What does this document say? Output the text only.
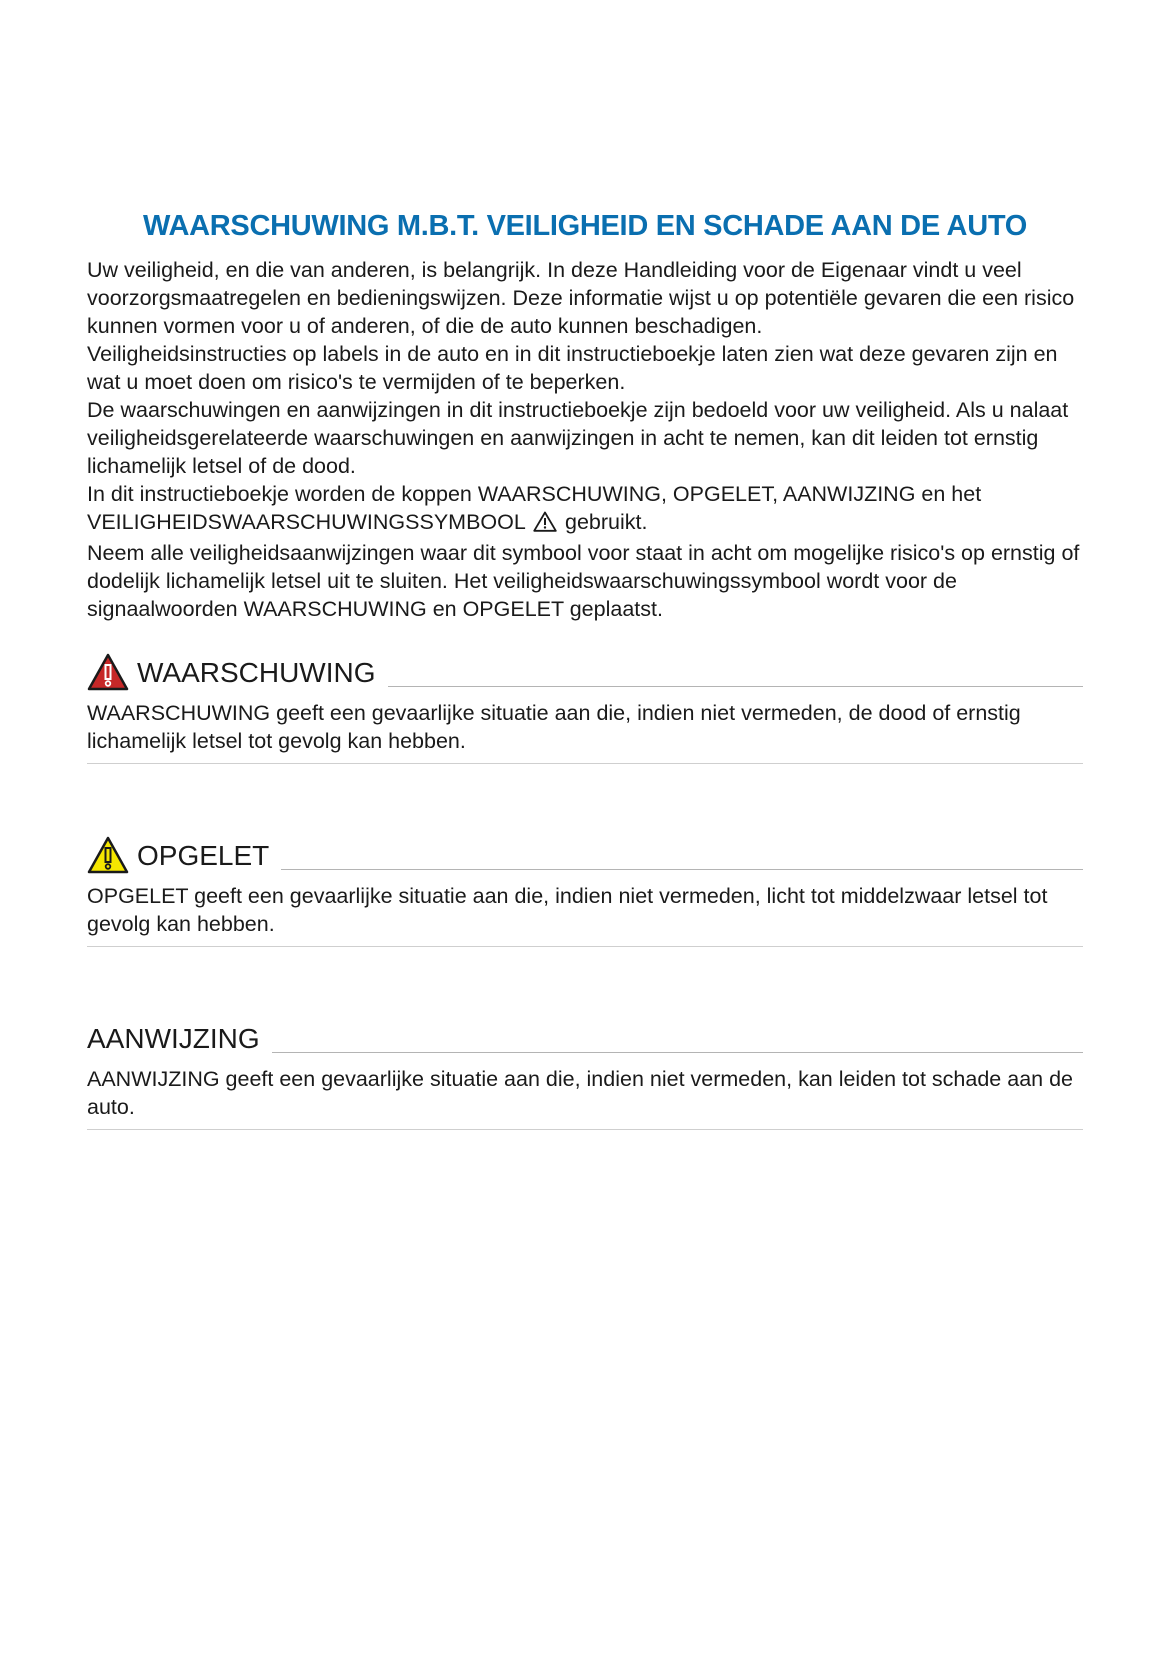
WAARSCHUWING M.B.T. VEILIGHEID EN SCHADE AAN DE AUTO

Uw veiligheid, en die van anderen, is belangrijk. In deze Handleiding voor de Eigenaar vindt u veel voorzorgsmaatregelen en bedieningswijzen. Deze informatie wijst u op potentiële gevaren die een risico kunnen vormen voor u of anderen, of die de auto kunnen beschadigen.

Veiligheidsinstructies op labels in de auto en in dit instructieboekje laten zien wat deze gevaren zijn en wat u moet doen om risico's te vermijden of te beperken.

De waarschuwingen en aanwijzingen in dit instructieboekje zijn bedoeld voor uw veiligheid. Als u nalaat veiligheidsgerelateerde waarschuwingen en aanwijzingen in acht te nemen, kan dit leiden tot ernstig lichamelijk letsel of de dood.

In dit instructieboekje worden de koppen WAARSCHUWING, OPGELET, AANWIJZING en het VEILIGHEIDSWAARSCHUWINGSSYMBOOL gebruikt.

Neem alle veiligheidsaanwijzingen waar dit symbool voor staat in acht om mogelijke risico's op ernstig of dodelijk lichamelijk letsel uit te sluiten. Het veiligheidswaarschuwingssymbool wordt voor de signaalwoorden WAARSCHUWING en OPGELET geplaatst.

WAARSCHUWING
WAARSCHUWING geeft een gevaarlijke situatie aan die, indien niet vermeden, de dood of ernstig lichamelijk letsel tot gevolg kan hebben.
OPGELET
OPGELET geeft een gevaarlijke situatie aan die, indien niet vermeden, licht tot middelzwaar letsel tot gevolg kan hebben.
AANWIJZING
AANWIJZING geeft een gevaarlijke situatie aan die, indien niet vermeden, kan leiden tot schade aan de auto.
